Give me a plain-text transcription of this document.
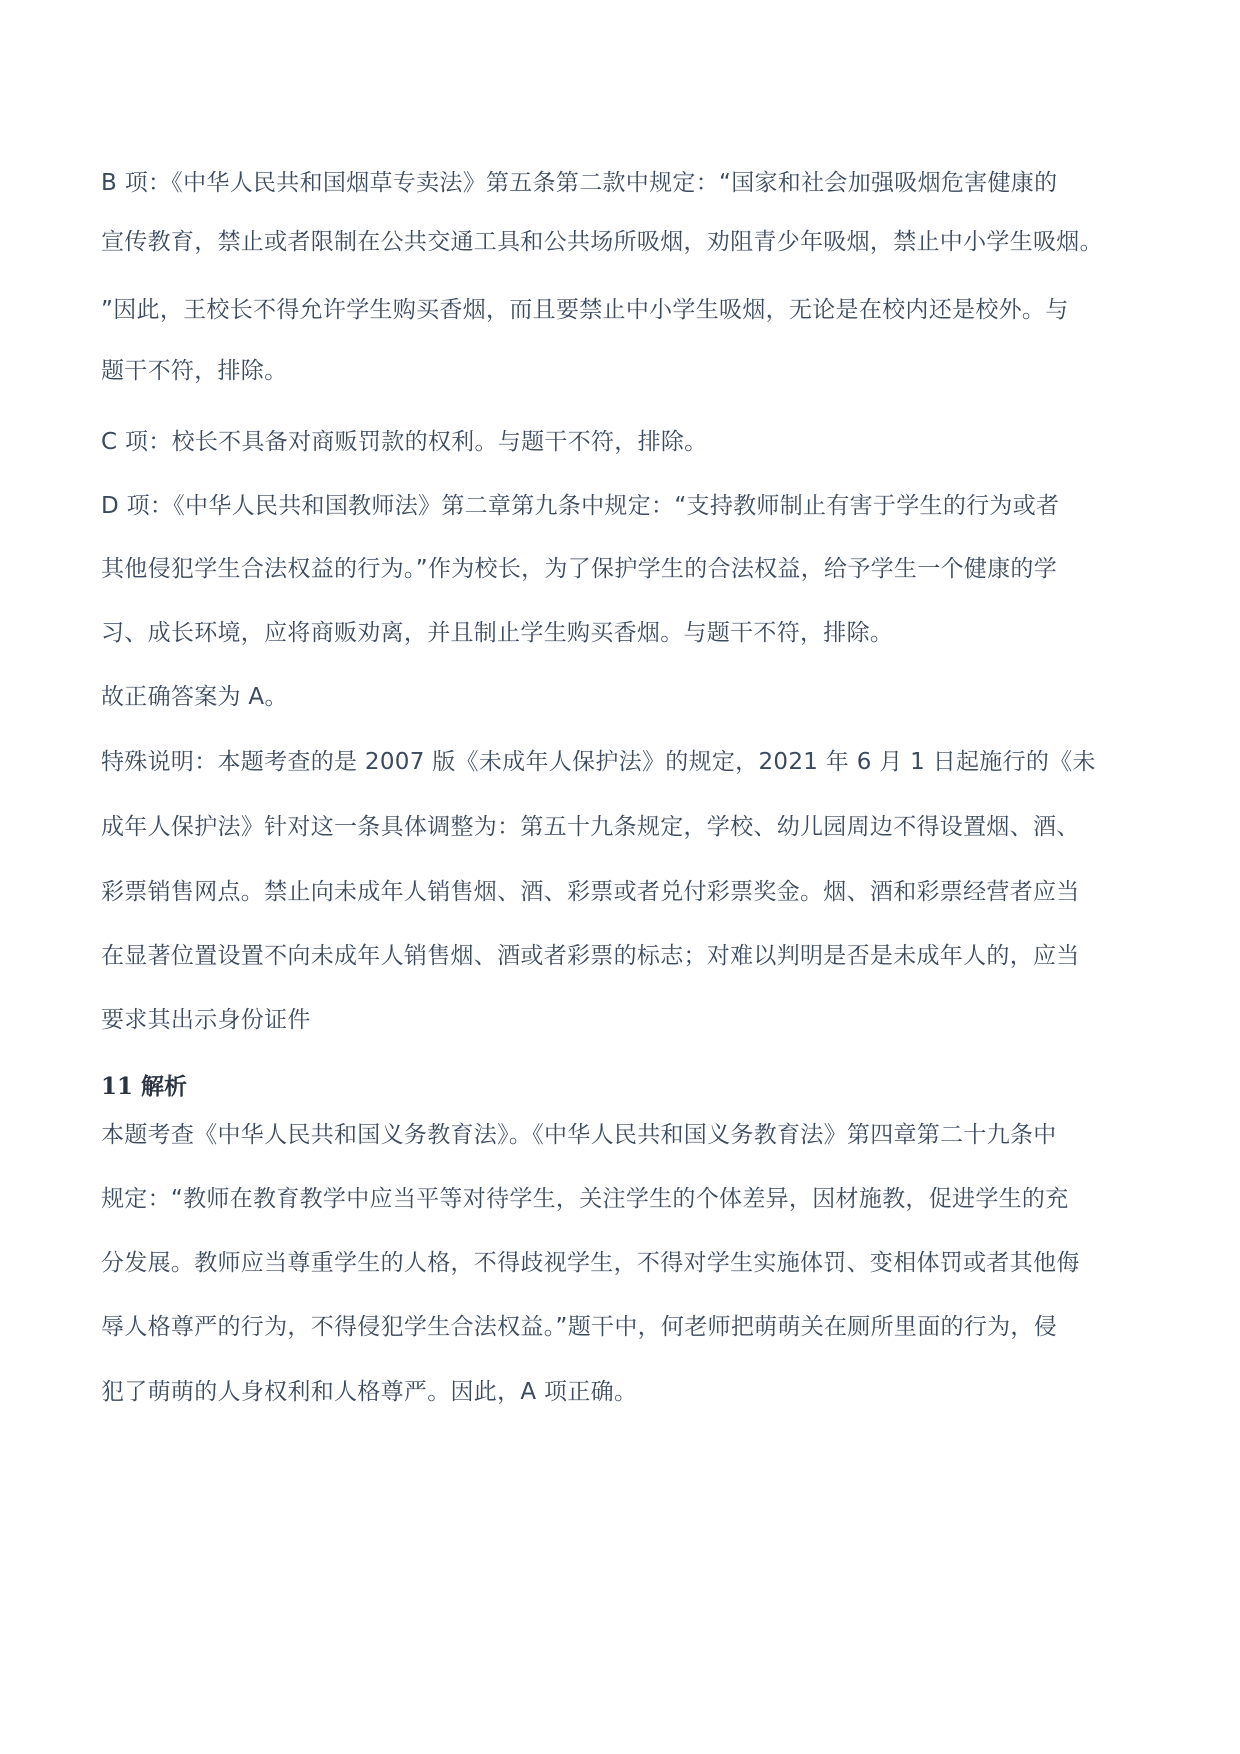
B 项：《中华人民共和国烟草专卖法》第五条第二款中规定：“国家和社会加强吸烟危害健康的

宣传教育，禁止或者限制在公共交通工具和公共场所吸烟，劝阻青少年吸烟，禁止中小学生吸烟。

”因此，王校长不得允许学生购买香烟，而且要禁止中小学生吸烟，无论是在校内还是校外。与

题干不符，排除。

C 项：校长不具备对商贩罚款的权利。与题干不符，排除。

D 项：《中华人民共和国教师法》第二章第九条中规定：“支持教师制止有害于学生的行为或者

其他侵犯学生合法权益的行为。”作为校长，为了保护学生的合法权益，给予学生一个健康的学

习、成长环境，应将商贩劝离，并且制止学生购买香烟。与题干不符，排除。

故正确答案为 A。

特殊说明：本题考查的是 2007 版《未成年人保护法》的规定，2021 年 6 月 1 日起施行的《未

成年人保护法》针对这一条具体调整为：第五十九条规定，学校、幼儿园周边不得设置烟、酒、

彩票销售网点。禁止向未成年人销售烟、酒、彩票或者兑付彩票奖金。烟、酒和彩票经营者应当

在显著位置设置不向未成年人销售烟、酒或者彩票的标志；对难以判明是否是未成年人的，应当

要求其出示身份证件

11 解析

本题考查《中华人民共和国义务教育法》。《中华人民共和国义务教育法》第四章第二十九条中

规定：“教师在教育教学中应当平等对待学生，关注学生的个体差异，因材施教，促进学生的充

分发展。教师应当尊重学生的人格，不得歧视学生，不得对学生实施体罚、变相体罚或者其他侮

辱人格尊严的行为，不得侵犯学生合法权益。”题干中，何老师把萌萌关在厕所里面的行为，侵

犯了萌萌的人身权利和人格尊严。因此，A 项正确。
